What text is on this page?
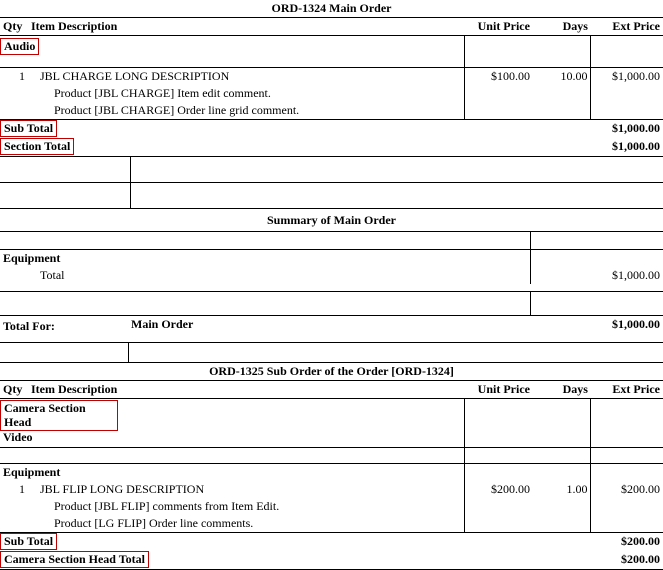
ORD-1324 Main Order				
Qty	Item Description	Unit Price	Days	Ext Price
Audio				

1	JBL CHARGE LONG DESCRIPTION	$100.00	10.00	$1,000.00
	Product [JBL CHARGE] Item edit comment.			
	Product [JBL CHARGE] Order line grid comment.			
Sub Total				$1,000.00
Section Total				$1,000.00

Summary of Main Order		

Equipment		
	Total	$1,000.00

Total For:	Main Order	$1,000.00

ORD-1325 Sub Order of the Order [ORD-1324]				
Qty	Item Description	Unit Price	Days	Ext Price

Camera Section Head				

Video				

Equipment				
1	JBL FLIP LONG DESCRIPTION	$200.00	1.00	$200.00
	Product [JBL FLIP] comments from Item Edit.			
	Product [LG FLIP] Order line comments.			
Sub Total				$200.00
Camera Section Head Total				$200.00
